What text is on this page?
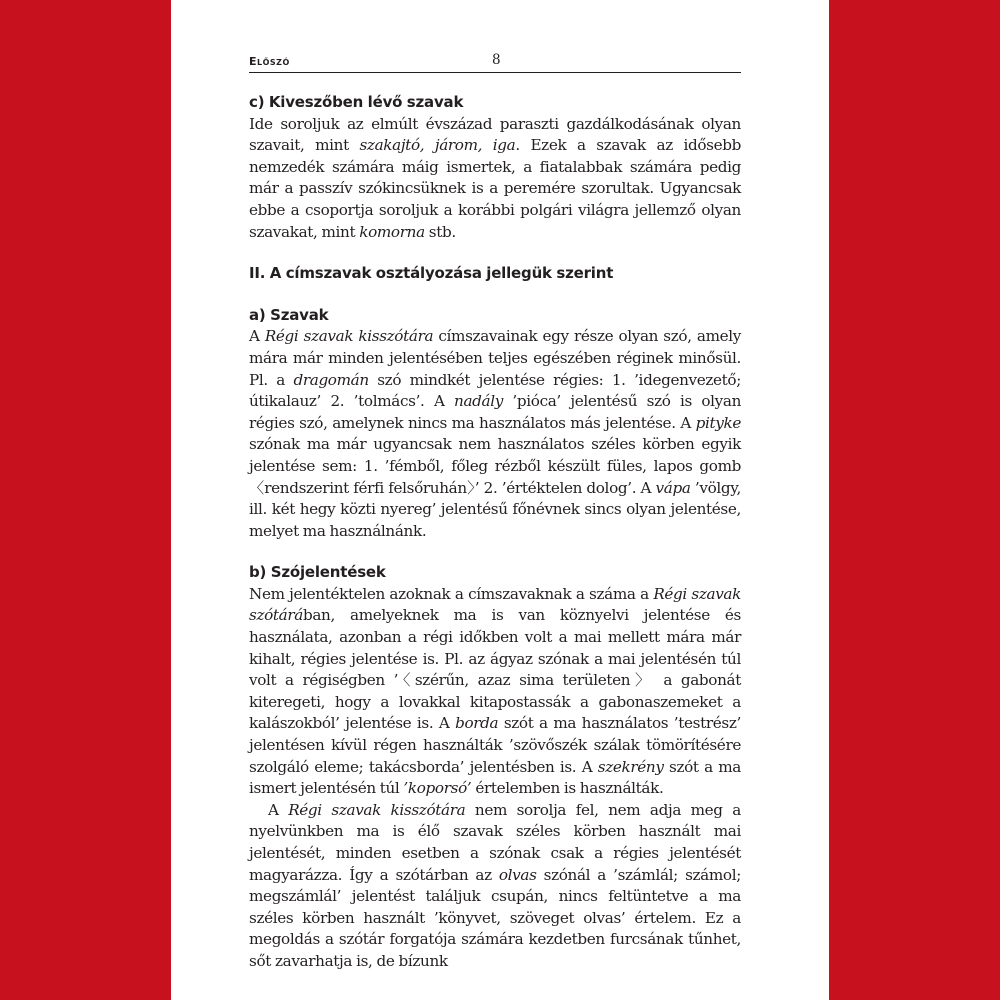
Előszó	8
c) Kiveszőben lévő szavak

Ide soroljuk az elmúlt évszázad paraszti gazdálkodásának olyan szavait, mint szakajtó, járom, iga. Ezek a szavak az idősebb nemzedék számára máig ismertek, a fiatalabbak számára pedig már a passzív szókincsüknek is a peremére szorultak. Ugyancsak ebbe a csoportja soroljuk a korábbi polgári világra jellemző olyan szavakat, mint komorna stb.

II. A címszavak osztályozása jellegük szerint
a) Szavak

A Régi szavak kisszótára címszavainak egy része olyan szó, amely mára már minden jelentésében teljes egészében réginek minősül. Pl. a dragomán szó mindkét jelentése régies: 1. ’idegenvezető; útikalauz’ 2. ’tolmács’. A nadály ’pióca’ jelentésű szó is olyan régies szó, amelynek nincs ma használatos más jelentése. A pityke szónak ma már ugyancsak nem használatos széles körben egyik jelentése sem: 1. ’fémből, főleg rézből készült füles, lapos gomb 〈rendszerint férfi felsőruhán〉’ 2. ’értéktelen dolog’. A vápa ’völgy, ill. két hegy közti nyereg’ jelentésű főnévnek sincs olyan jelentése, melyet ma használnánk.

b) Szójelentések

Nem jelentéktelen azoknak a címszavaknak a száma a Régi szavak szótárában, amelyeknek ma is van köznyelvi jelentése és használata, azonban a régi időkben volt a mai mellett mára már kihalt, régies jelentése is. Pl. az ágyaz szónak a mai jelentésén túl volt a régiségben ’〈szérűn, azaz sima területen〉 a gabonát kiteregeti, hogy a lovakkal kitapostassák a gabonaszemeket a kalászokból’ jelentése is. A borda szót a ma használatos ’testrész’ jelentésen kívül régen használták ’szövőszék szálak tömörítésére szolgáló eleme; takácsborda’ jelentésben is. A szekrény szót a ma ismert jelentésén túl ’koporsó’ értelemben is használták.

A Régi szavak kisszótára nem sorolja fel, nem adja meg a nyelvünkben ma is élő szavak széles körben használt mai jelentését, minden esetben a szónak csak a régies jelentését magyarázza. Így a szótárban az olvas szónál a ’számlál; számol; megszámlál’ jelentést találjuk csupán, nincs feltüntetve a ma széles körben használt ’könyvet, szöveget olvas’ értelem. Ez a megoldás a szótár forgatója számára kezdetben furcsának tűnhet, sőt zavarhatja is, de bízunk
